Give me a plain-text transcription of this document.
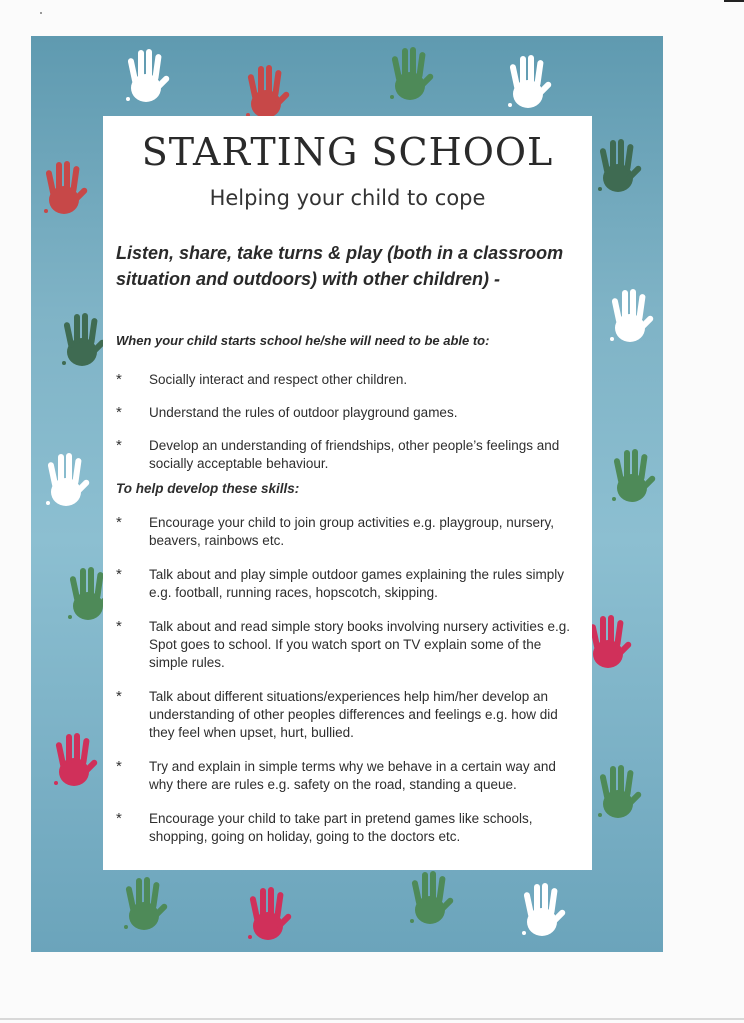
STARTING SCHOOL
Helping your child to cope
Listen, share, take turns & play (both in a classroom situation and outdoors) with other children) -
When your child starts school he/she will need to be able to:
* Socially interact and respect other children.
* Understand the rules of outdoor playground games.
* Develop an understanding of friendships, other people’s feelings and socially acceptable behaviour.
To help develop these skills:
* Encourage your child to join group activities e.g. playgroup, nursery, beavers, rainbows etc.
* Talk about and play simple outdoor games explaining the rules simply e.g. football, running races, hopscotch, skipping.
* Talk about and read simple story books involving nursery activities e.g. Spot goes to school. If you watch sport on TV explain some of the simple rules.
* Talk about different situations/experiences help him/her develop an understanding of other peoples differences and feelings e.g. how did they feel when upset, hurt, bullied.
* Try and explain in simple terms why we behave in a certain way and why there are rules e.g. safety on the road, standing a queue.
* Encourage your child to take part in pretend games like schools, shopping, going on holiday, going to the doctors etc.
